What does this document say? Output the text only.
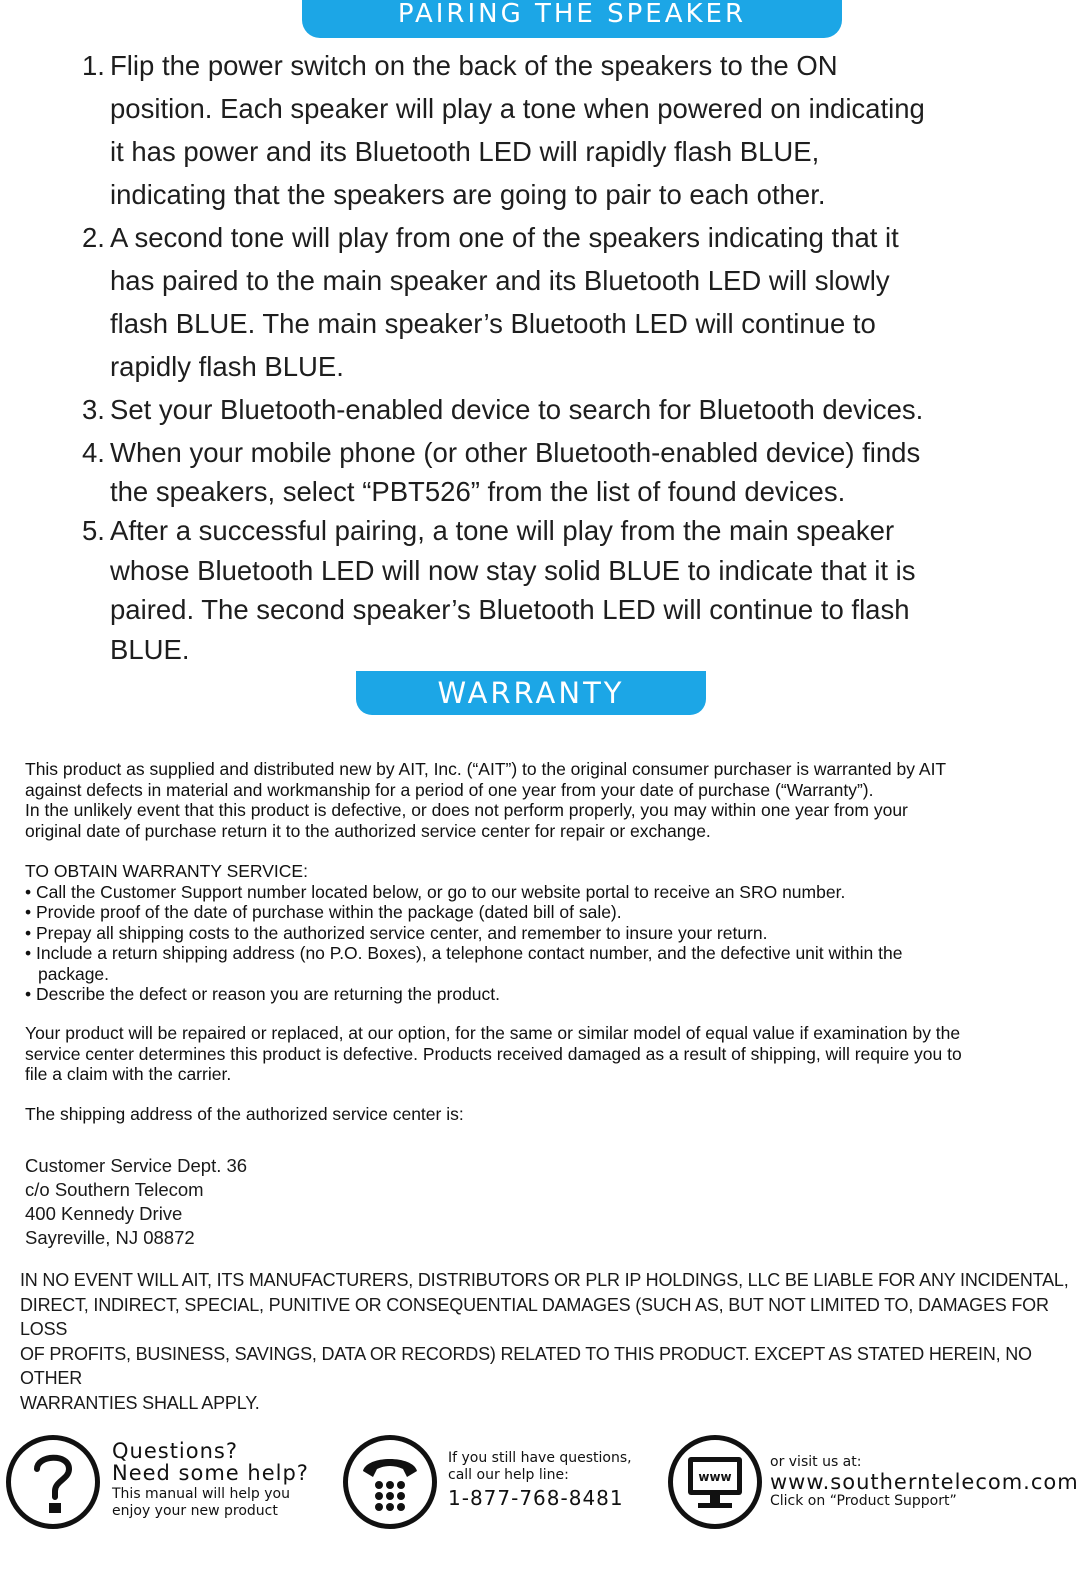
PAIRING THE SPEAKER
1. Flip the power switch on the back of the speakers to the ON
position. Each speaker will play a tone when powered on indicating
it has power and its Bluetooth LED will rapidly flash BLUE,
indicating that the speakers are going to pair to each other.
2. A second tone will play from one of the speakers indicating that it
has paired to the main speaker and its Bluetooth LED will slowly
flash BLUE. The main speaker’s Bluetooth LED will continue to
rapidly flash BLUE.
3. Set your Bluetooth-enabled device to search for Bluetooth devices.
4. When your mobile phone (or other Bluetooth-enabled device) finds
the speakers, select “PBT526” from the list of found devices.
5. After a successful pairing, a tone will play from the main speaker
whose Bluetooth LED will now stay solid BLUE to indicate that it is
paired. The second speaker’s Bluetooth LED will continue to flash
BLUE.
WARRANTY

This product as supplied and distributed new by AIT, Inc. (“AIT”) to the original consumer purchaser is warranted by AIT

against defects in material and workmanship for a period of one year from your date of purchase (“Warranty”).

In the unlikely event that this product is defective, or does not perform properly, you may within one year from your

original date of purchase return it to the authorized service center for repair or exchange.

TO OBTAIN WARRANTY SERVICE:

• Call the Customer Support number located below, or go to our website portal to receive an SRO number.

• Provide proof of the date of purchase within the package (dated bill of sale).

• Prepay all shipping costs to the authorized service center, and remember to insure your return.

• Include a return shipping address (no P.O. Boxes), a telephone contact number, and the defective unit within the

package.

• Describe the defect or reason you are returning the product.

Your product will be repaired or replaced, at our option, for the same or similar model of equal value if examination by the

service center determines this product is defective. Products received damaged as a result of shipping, will require you to

file a claim with the carrier.

The shipping address of the authorized service center is:
Customer Service Dept. 36
c/o Southern Telecom
400 Kennedy Drive
Sayreville, NJ 08872
IN NO EVENT WILL AIT, ITS MANUFACTURERS, DISTRIBUTORS OR PLR IP HOLDINGS, LLC BE LIABLE FOR ANY INCIDENTAL,
DIRECT, INDIRECT, SPECIAL, PUNITIVE OR CONSEQUENTIAL DAMAGES (SUCH AS, BUT NOT LIMITED TO, DAMAGES FOR LOSS
OF PROFITS, BUSINESS, SAVINGS, DATA OR RECORDS) RELATED TO THIS PRODUCT. EXCEPT AS STATED HEREIN, NO OTHER
WARRANTIES SHALL APPLY.
Questions?
Need some help?
This manual will help you
enjoy your new product
If you still have questions,
call our help line:
1-877-768-8481
www
or visit us at:
www.southerntelecom.com
Click on “Product Support”
